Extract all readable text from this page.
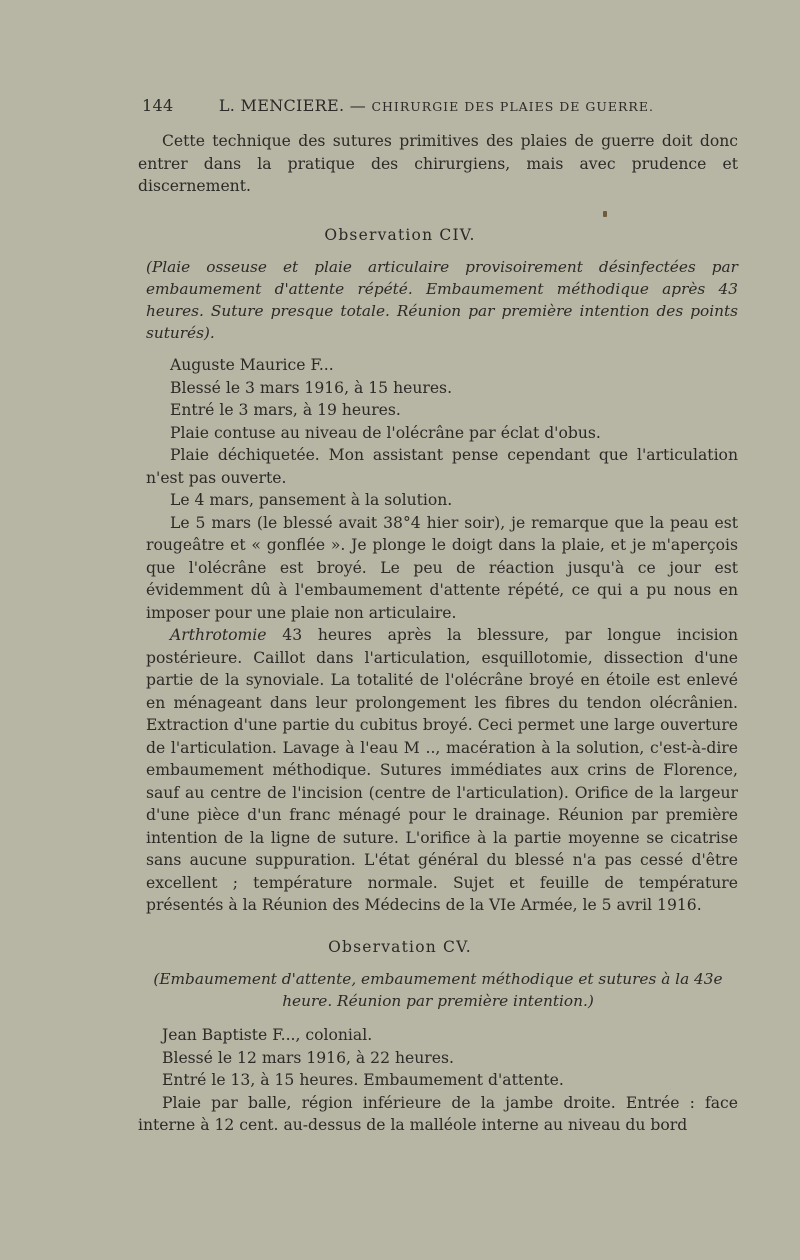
144	L. MENCIERE. — CHIRURGIE DES PLAIES DE GUERRE.

Cette technique des sutures primitives des plaies de guerre doit donc entrer dans la pratique des chirurgiens, mais avec prudence et discernement.

Observation CIV.

(Plaie osseuse et plaie articulaire provisoirement désinfectées par embaumement d'attente répété. Embaumement méthodique après 43 heures. Suture presque totale. Réunion par première intention des points suturés).

Auguste Maurice F...

Blessé le 3 mars 1916, à 15 heures.

Entré le 3 mars, à 19 heures.

Plaie contuse au niveau de l'olécrâne par éclat d'obus.

Plaie déchiquetée. Mon assistant pense cependant que l'articulation n'est pas ouverte.

Le 4 mars, pansement à la solution.

Le 5 mars (le blessé avait 38°4 hier soir), je remarque que la peau est rougeâtre et « gonflée ». Je plonge le doigt dans la plaie, et je m'aperçois que l'olécrâne est broyé. Le peu de réaction jusqu'à ce jour est évidemment dû à l'embaumement d'attente répété, ce qui a pu nous en imposer pour une plaie non articulaire.

Arthrotomie 43 heures après la blessure, par longue incision postérieure. Caillot dans l'articulation, esquillotomie, dissection d'une partie de la synoviale. La totalité de l'olécrâne broyé en étoile est enlevé en ménageant dans leur prolongement les fibres du tendon olécrânien. Extraction d'une partie du cubitus broyé. Ceci permet une large ouverture de l'articulation. Lavage à l'eau M .., macération à la solution, c'est-à-dire embaumement méthodique. Sutures immédiates aux crins de Florence, sauf au centre de l'incision (centre de l'articulation). Orifice de la largeur d'une pièce d'un franc ménagé pour le drainage. Réunion par première intention de la ligne de suture. L'orifice à la partie moyenne se cicatrise sans aucune suppuration. L'état général du blessé n'a pas cessé d'être excellent ; température normale. Sujet et feuille de température présentés à la Réunion des Médecins de la VIe Armée, le 5 avril 1916.

Observation CV.

(Embaumement d'attente, embaumement méthodique et sutures à la 43e heure. Réunion par première intention.)

Jean Baptiste F..., colonial.

Blessé le 12 mars 1916, à 22 heures.

Entré le 13, à 15 heures. Embaumement d'attente.

Plaie par balle, région inférieure de la jambe droite. Entrée : face interne à 12 cent. au-dessus de la malléole interne au niveau du bord
